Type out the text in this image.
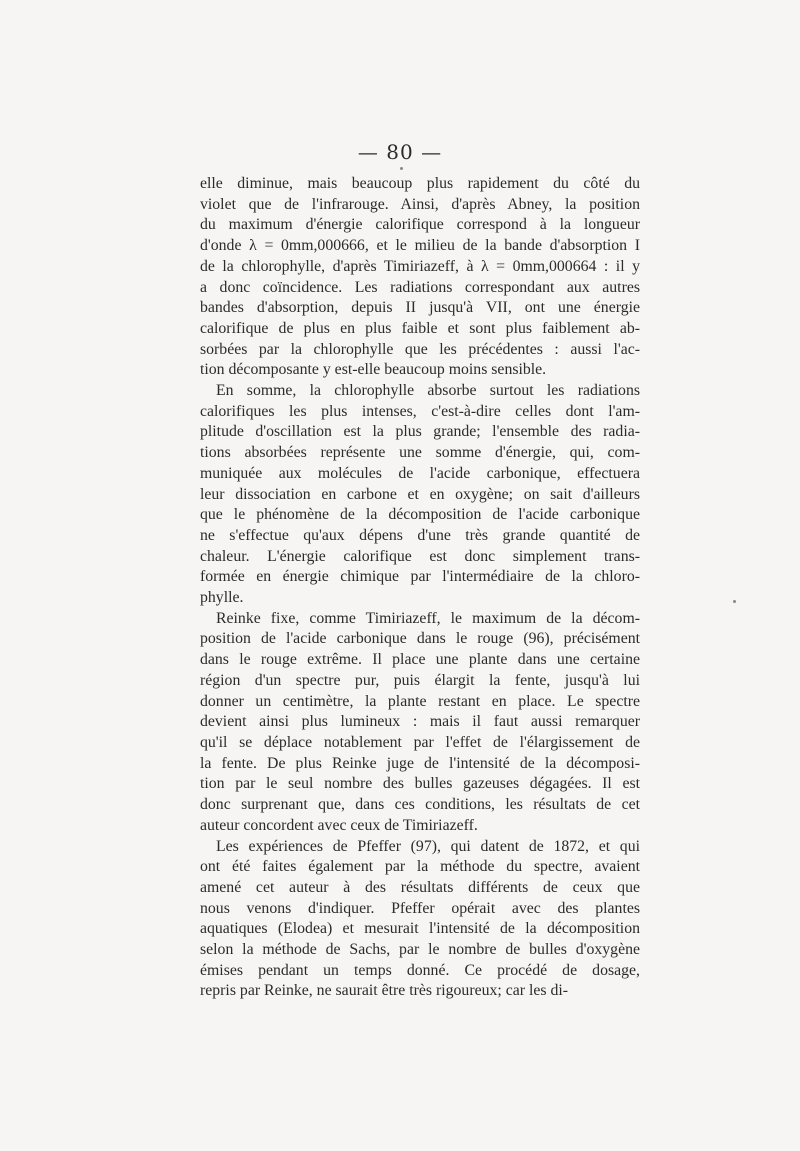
— 80 —
elle diminue, mais beaucoup plus rapidement du côté du
violet que de l'infrarouge. Ainsi, d'après Abney, la position
du maximum d'énergie calorifique correspond à la longueur
d'onde λ = 0mm,000666, et le milieu de la bande d'absorption I
de la chlorophylle, d'après Timiriazeff, à λ = 0mm,000664 : il y
a donc coïncidence. Les radiations correspondant aux autres
bandes d'absorption, depuis II jusqu'à VII, ont une énergie
calorifique de plus en plus faible et sont plus faiblement ab-
sorbées par la chlorophylle que les précédentes : aussi l'ac-
tion décomposante y est-elle beaucoup moins sensible.
En somme, la chlorophylle absorbe surtout les radiations
calorifiques les plus intenses, c'est-à-dire celles dont l'am-
plitude d'oscillation est la plus grande; l'ensemble des radia-
tions absorbées représente une somme d'énergie, qui, com-
muniquée aux molécules de l'acide carbonique, effectuera
leur dissociation en carbone et en oxygène; on sait d'ailleurs
que le phénomène de la décomposition de l'acide carbonique
ne s'effectue qu'aux dépens d'une très grande quantité de
chaleur. L'énergie calorifique est donc simplement trans-
formée en énergie chimique par l'intermédiaire de la chloro-
phylle.
Reinke fixe, comme Timiriazeff, le maximum de la décom-
position de l'acide carbonique dans le rouge (96), précisément
dans le rouge extrême. Il place une plante dans une certaine
région d'un spectre pur, puis élargit la fente, jusqu'à lui
donner un centimètre, la plante restant en place. Le spectre
devient ainsi plus lumineux : mais il faut aussi remarquer
qu'il se déplace notablement par l'effet de l'élargissement de
la fente. De plus Reinke juge de l'intensité de la décomposi-
tion par le seul nombre des bulles gazeuses dégagées. Il est
donc surprenant que, dans ces conditions, les résultats de cet
auteur concordent avec ceux de Timiriazeff.
Les expériences de Pfeffer (97), qui datent de 1872, et qui
ont été faites également par la méthode du spectre, avaient
amené cet auteur à des résultats différents de ceux que
nous venons d'indiquer. Pfeffer opérait avec des plantes
aquatiques (Elodea) et mesurait l'intensité de la décomposition
selon la méthode de Sachs, par le nombre de bulles d'oxygène
émises pendant un temps donné. Ce procédé de dosage,
repris par Reinke, ne saurait être très rigoureux; car les di-
